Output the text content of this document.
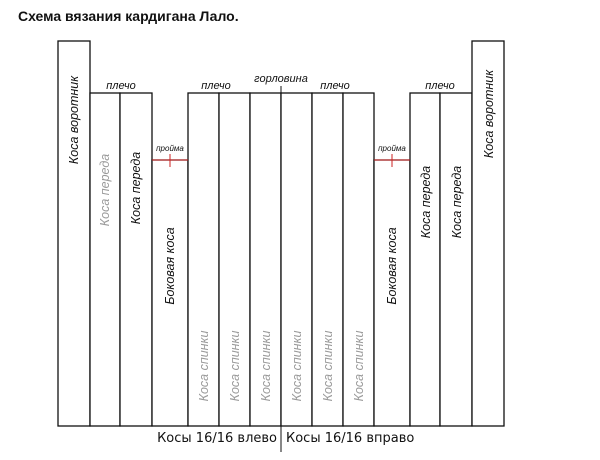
Схема вязания кардигана Лало.
плечо	плечо
горловина
плечо	плечо
пройма	пройма
Коса воротник
Коса переда Коса переда
Боковая коса
Коса спинки Коса спинки Коса спинки Коса спинки Коса спинки Коса спинки
Боковая коса
Коса переда Коса переда
Коса воротник
Косы 16/16 влево Косы 16/16 вправо
